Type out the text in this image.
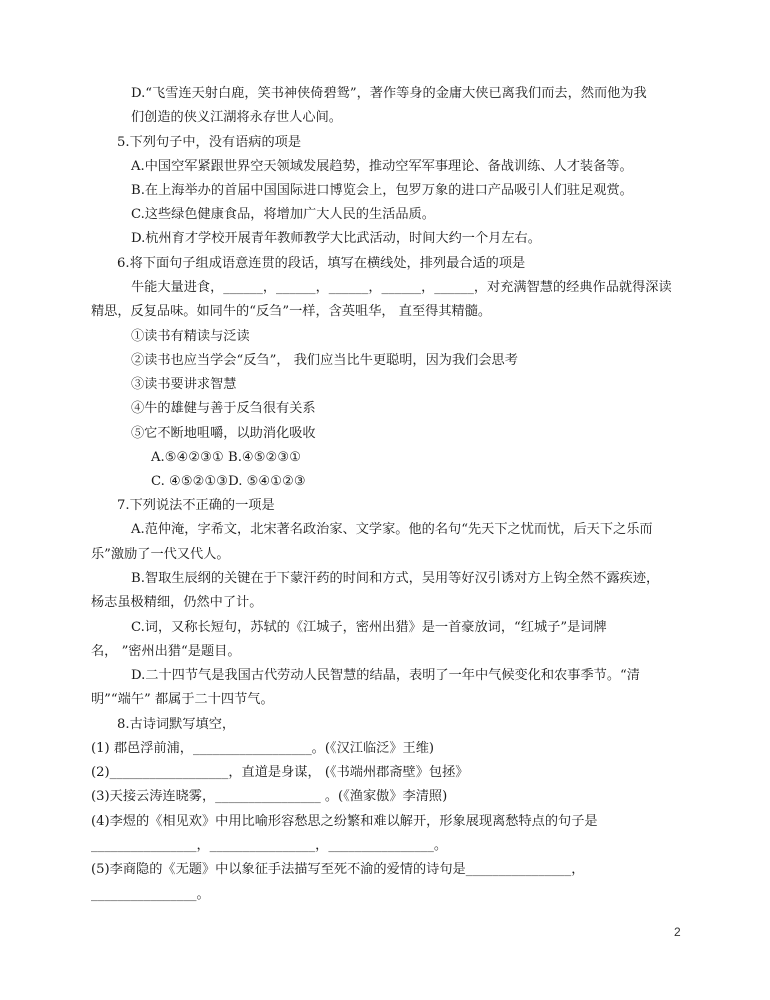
D.“飞雪连天射白鹿，笑书神侠倚碧鸳”，著作等身的金庸大侠已离我们而去，然而他为我
们创造的侠义江湖将永存世人心间。
5.下列句子中，没有语病的项是
A.中国空军紧跟世界空天领域发展趋势，推动空军军事理论、备战训练、人才装备等。
B.在上海举办的首届中国国际进口博览会上，包罗万象的进口产品吸引人们驻足观赏。
C.这些绿色健康食品，将增加广大人民的生活品质。
D.杭州育才学校开展青年教师教学大比武活动，时间大约一个月左右。
6.将下面句子组成语意连贯的段话，填写在横线处，排列最合适的项是
牛能大量进食，______，______，______，______，______，对充满智慧的经典作品就得深读
精思，反复品味。如同牛的“反刍”一样，含英咀华， 直至得其精髓。
①读书有精读与泛读
②读书也应当学会“反刍”， 我们应当比牛更聪明，因为我们会思考
③读书要讲求智慧
④牛的雄健与善于反刍很有关系
⑤它不断地咀嚼，以助消化吸收
A.⑤④②③① B.④⑤②③①
C. ④⑤②①③D. ⑤④①②③
7.下列说法不正确的一项是
A.范仲淹，字希文，北宋著名政治家、文学家。他的名句“先天下之忧而忧，后天下之乐而
乐”激励了一代又代人。
B.智取生辰纲的关键在于下蒙汗药的时间和方式，吴用等好汉引诱对方上钩全然不露疾迹，
杨志虽极精细，仍然中了计。
C.词，又称长短句，苏轼的《江城子，密州出猎》是一首豪放词，“红城子”是词牌
名， ”密州出猎“是题目。
D.二十四节气是我国古代劳动人民智慧的结晶，表明了一年中气候变化和农事季节。“清
明”“端午” 都属于二十四节气。
8.古诗词默写填空，
(1) 郡邑浮前浦，__________________。(《汉江临泛》王维)
(2)__________________，直道是身谋， (《书端州郡斋壁》包拯》
(3)天接云涛连晓雾，________________ 。(《渔家傲》李清照)
(4)李煜的《相见欢》中用比喻形容愁思之纷繁和难以解开，形象展现离愁特点的句子是
________________，________________，________________。
(5)李商隐的《无题》中以象征手法描写至死不渝的爱情的诗句是________________，
________________。
2
